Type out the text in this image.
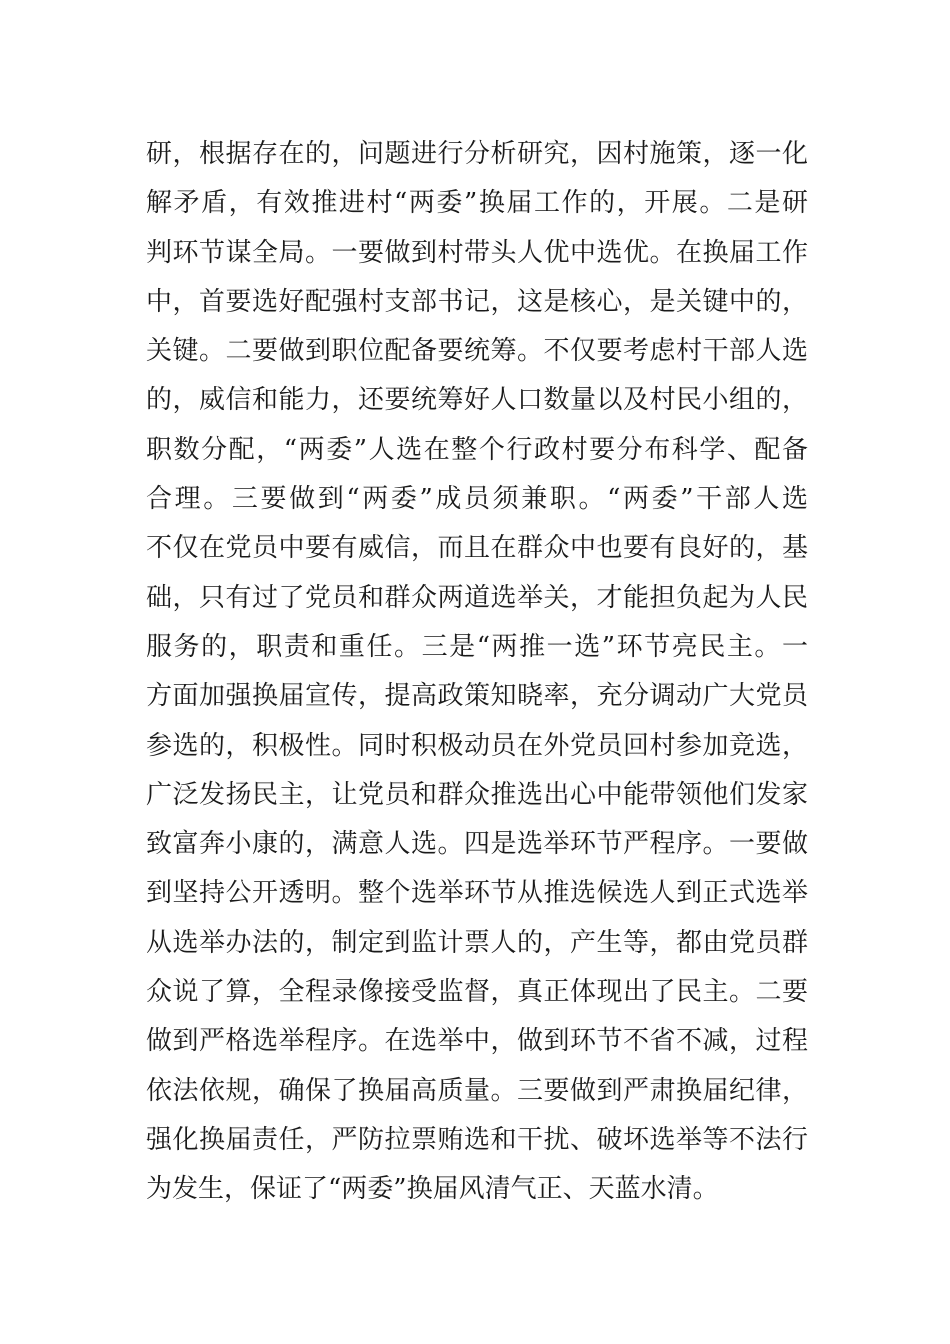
研，根据存在的，问题进行分析研究，因村施策，逐一化
解矛盾，有效推进村“两委”换届工作的，开展。二是研
判环节谋全局。一要做到村带头人优中选优。在换届工作
中，首要选好配强村支部书记，这是核心，是关键中的，
关键。二要做到职位配备要统筹。不仅要考虑村干部人选
的，威信和能力，还要统筹好人口数量以及村民小组的，
职数分配，“两委”人选在整个行政村要分布科学、配备
合理。三要做到“两委”成员须兼职。“两委”干部人选
不仅在党员中要有威信，而且在群众中也要有良好的，基
础，只有过了党员和群众两道选举关，才能担负起为人民
服务的，职责和重任。三是“两推一选”环节亮民主。一
方面加强换届宣传，提高政策知晓率，充分调动广大党员
参选的，积极性。同时积极动员在外党员回村参加竞选，
广泛发扬民主，让党员和群众推选出心中能带领他们发家
致富奔小康的，满意人选。四是选举环节严程序。一要做
到坚持公开透明。整个选举环节从推选候选人到正式选举
从选举办法的，制定到监计票人的，产生等，都由党员群
众说了算，全程录像接受监督，真正体现出了民主。二要
做到严格选举程序。在选举中，做到环节不省不减，过程
依法依规，确保了换届高质量。三要做到严肃换届纪律，
强化换届责任，严防拉票贿选和干扰、破坏选举等不法行
为发生，保证了“两委”换届风清气正、天蓝水清。
